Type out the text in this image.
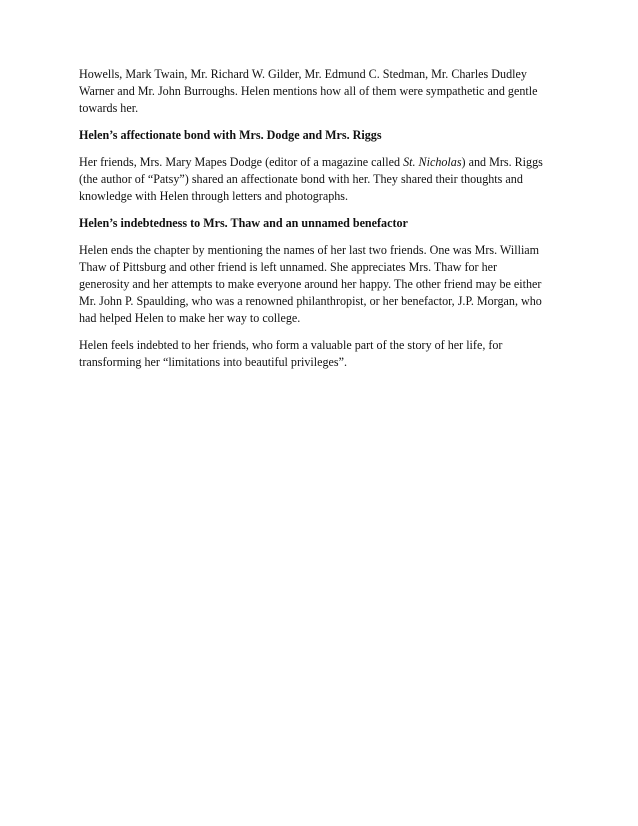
Howells, Mark Twain, Mr. Richard W. Gilder, Mr. Edmund C. Stedman, Mr. Charles Dudley
Warner and Mr. John Burroughs. Helen mentions how all of them were sympathetic and gentle
towards her.

Helen’s affectionate bond with Mrs. Dodge and Mrs. Riggs

Her friends, Mrs. Mary Mapes Dodge (editor of a magazine called St. Nicholas) and Mrs. Riggs
(the author of “Patsy”) shared an affectionate bond with her. They shared their thoughts and
knowledge with Helen through letters and photographs.

Helen’s indebtedness to Mrs. Thaw and an unnamed benefactor

Helen ends the chapter by mentioning the names of her last two friends. One was Mrs. William
Thaw of Pittsburg and other friend is left unnamed. She appreciates Mrs. Thaw for her
generosity and her attempts to make everyone around her happy. The other friend may be either
Mr. John P. Spaulding, who was a renowned philanthropist, or her benefactor, J.P. Morgan, who
had helped Helen to make her way to college.

Helen feels indebted to her friends, who form a valuable part of the story of her life, for
transforming her “limitations into beautiful privileges”.
